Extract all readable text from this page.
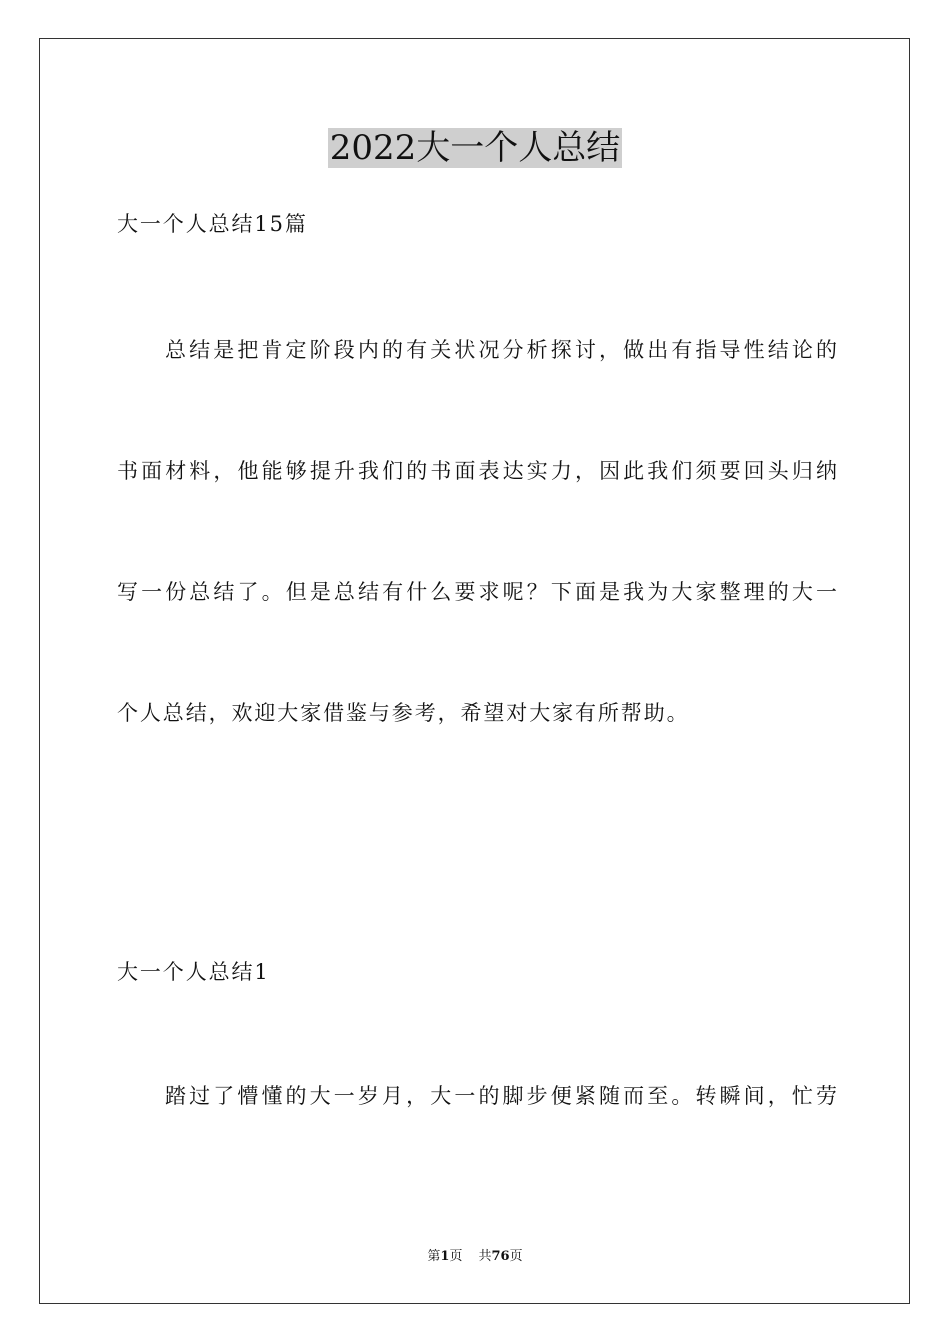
2022大一个人总结

大一个人总结15篇

总结是把肯定阶段内的有关状况分析探讨，做出有指导性结论的

书面材料，他能够提升我们的书面表达实力，因此我们须要回头归纳

写一份总结了。但是总结有什么要求呢？下面是我为大家整理的大一

个人总结，欢迎大家借鉴与参考，希望对大家有所帮助。

大一个人总结1

踏过了懵懂的大一岁月，大一的脚步便紧随而至。转瞬间，忙劳

第1页 共76页
